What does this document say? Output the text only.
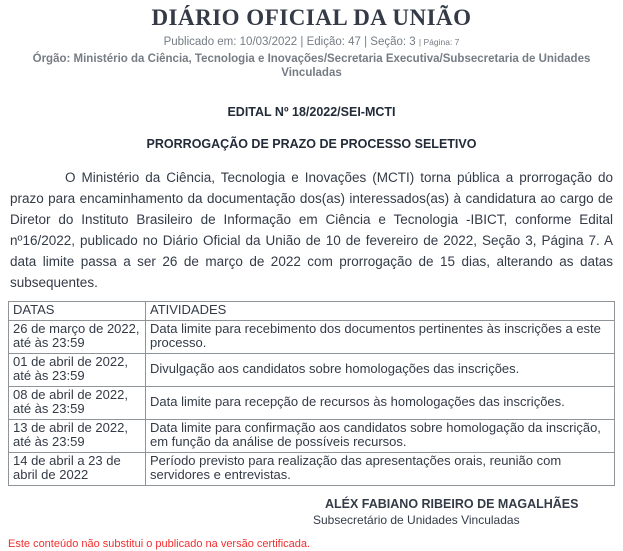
DIÁRIO OFICIAL DA UNIÃO
Publicado em: 10/03/2022 | Edição: 47 | Seção: 3 | Página: 7
Órgão: Ministério da Ciência, Tecnologia e Inovações/Secretaria Executiva/Subsecretaria de Unidades Vinculadas
EDITAL Nº 18/2022/SEI-MCTI
PRORROGAÇÃO DE PRAZO DE PROCESSO SELETIVO

O Ministério da Ciência, Tecnologia e Inovações (MCTI) torna pública a prorrogação do prazo para encaminhamento da documentação dos(as) interessados(as) à candidatura ao cargo de Diretor do Instituto Brasileiro de Informação em Ciência e Tecnologia -IBICT, conforme Edital nº16/2022, publicado no Diário Oficial da União de 10 de fevereiro de 2022, Seção 3, Página 7. A data limite passa a ser 26 de março de 2022 com prorrogação de 15 dias, alterando as datas subsequentes.

DATAS	ATIVIDADES
26 de março de 2022, até às 23:59	Data limite para recebimento dos documentos pertinentes às inscrições a este processo.
01 de abril de 2022, até às 23:59	Divulgação aos candidatos sobre homologações das inscrições.
08 de abril de 2022, até às 23:59	Data limite para recepção de recursos às homologações das inscrições.
13 de abril de 2022, até às 23:59	Data limite para confirmação aos candidatos sobre homologação da inscrição, em função da análise de possíveis recursos.
14 de abril a 23 de abril de 2022	Período previsto para realização das apresentações orais, reunião com servidores e entrevistas.
ALÉX FABIANO RIBEIRO DE MAGALHÃES
Subsecretário de Unidades Vinculadas
Este conteúdo não substitui o publicado na versão certificada.
